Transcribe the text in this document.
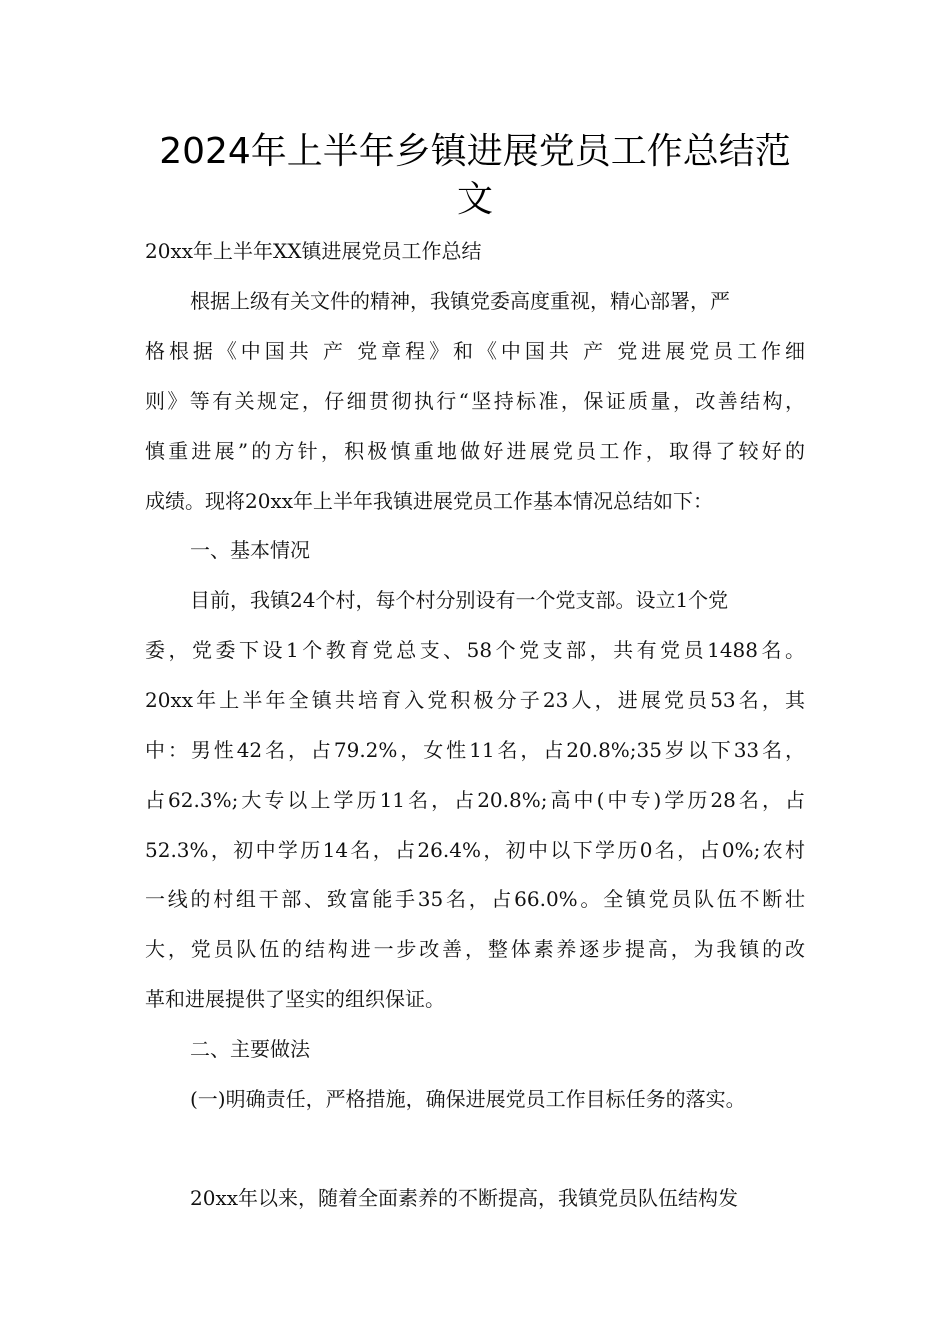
2024年上半年乡镇进展党员工作总结范
文

20xx年上半年XX镇进展党员工作总结

根据上级有关文件的精神，我镇党委高度重视，精心部署，严

格根据《中国共 产 党章程》和《中国共 产 党进展党员工作细

则》等有关规定，仔细贯彻执行“坚持标准，保证质量，改善结构，

慎重进展”的方针，积极慎重地做好进展党员工作，取得了较好的

成绩。现将20xx年上半年我镇进展党员工作基本情况总结如下：

一、基本情况

目前，我镇24个村，每个村分别设有一个党支部。设立1个党

委，党委下设1个教育党总支、58个党支部，共有党员1488名。

20xx年上半年全镇共培育入党积极分子23人，进展党员53名，其

中：男性42名，占79.2%，女性11名，占20.8%;35岁以下33名，

占62.3%;大专以上学历11名，占20.8%;高中(中专)学历28名，占

52.3%，初中学历14名，占26.4%，初中以下学历0名，占0%;农村

一线的村组干部、致富能手35名，占66.0%。全镇党员队伍不断壮

大，党员队伍的结构进一步改善，整体素养逐步提高，为我镇的改

革和进展提供了坚实的组织保证。

二、主要做法

(一)明确责任，严格措施，确保进展党员工作目标任务的落实。

20xx年以来，随着全面素养的不断提高，我镇党员队伍结构发
